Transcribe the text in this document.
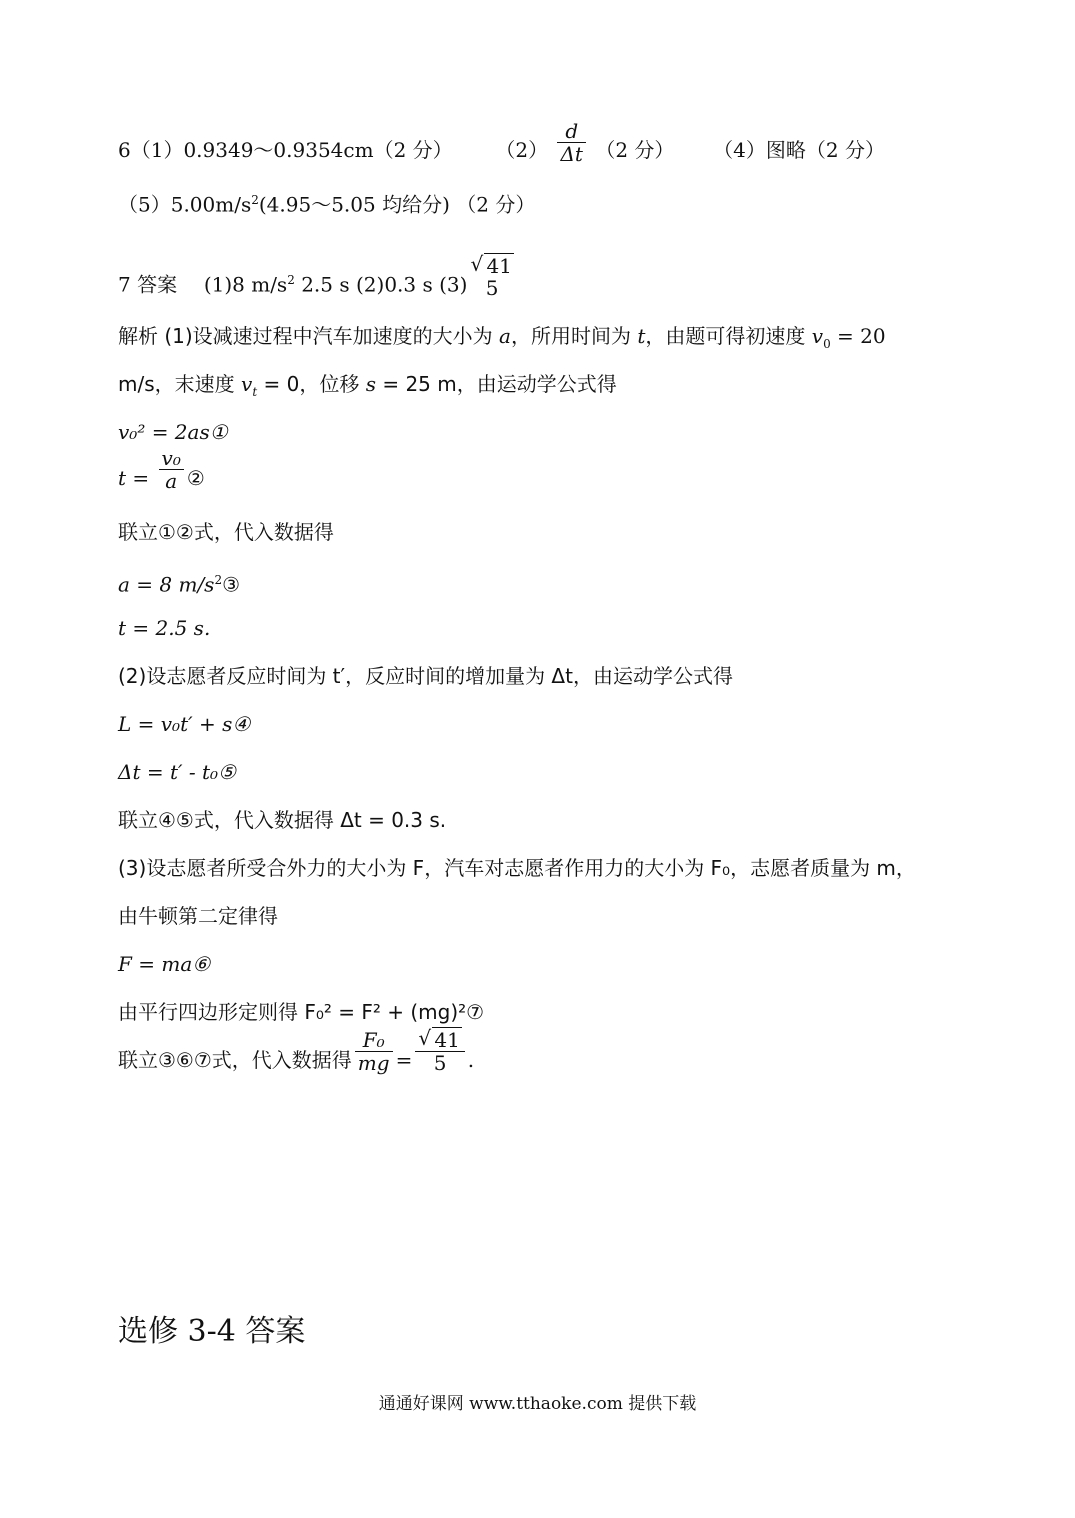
6（1）0.9349～0.9354cm（2 分） $(2) \frac{d}{\Delta t} (2$ 分） （4）图略（2 分）
$(5)5.00m/s^2(4.95\sim 5.05$ 均给分) （2 分）
7 答案 (1)8 $m/s^2$ 2.5 s (2)0.3 s (3)
√ 41
5
解析 (1)设减速过程中汽车加速度的大小为 a，所用时间为 t，由题可得初速度 $v_0 = 20$
m/s，末速度 $v_t = 0$，位移 s = 25 m，由运动学公式得
v₀² = 2as①
$t = \frac{\text{v₀}}{a}$ ②
联立①②式，代入数据得
a = 8 $m/s^2③$
t = 2.5 s.
(2)设志愿者反应时间为 t′，反应时间的增加量为 Δt，由运动学公式得
L = v₀t′ + s④
Δt = t′ - t₀⑤
联立④⑤式，代入数据得 Δt = 0.3 s.
(3)设志愿者所受合外力的大小为 F，汽车对志愿者作用力的大小为 F₀，志愿者质量为 m，
由牛顿第二定律得
F = ma⑥
由平行四边形定则得 F₀² = F² + (mg)²⑦
联立③⑥⑦式，代入数据得 $\frac{\text{F₀}}{mg}$ =
√ $\frac{41}{5}$ .
选修 3-4 答案
通通好课网 www.tthaoke.com 提供下载
